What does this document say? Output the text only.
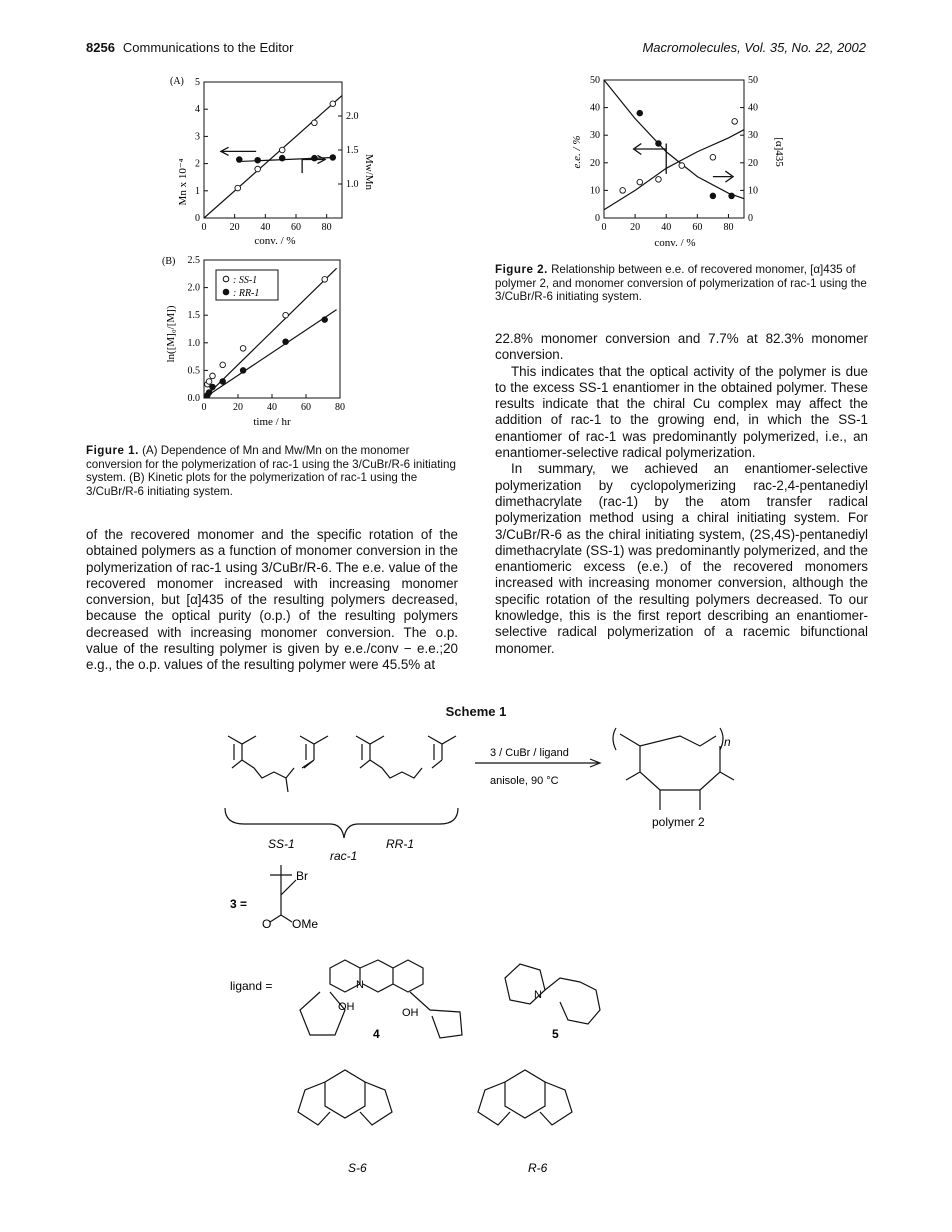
8256 Communications to the Editor	Macromolecules, Vol. 35, No. 22, 2002
0 20 40 60 80
0
1
2
3
4
5
1.0
1.5
2.0
(A)
conv. / %
Mn x 10⁻⁴	Mw/Mn
0	20 40 60 80
0.0
0.5
1.0
1.5
2.0
2.5
: SS-1
: RR-1
(B)
time / hr
ln([M]₀/[M])
Figure 1. (A) Dependence of Mn and Mw/Mn on the monomer conversion for the polymerization of rac-1 using the 3/CuBr/R-6 initiating system. (B) Kinetic plots for the polymerization of rac-1 using the 3/CuBr/R-6 initiating system.
0 20 40 60 80
0
10
20
30
40
50
0
10
20
30
40
50
conv. / %
e.e. / %	[α]435
Figure 2. Relationship between e.e. of recovered monomer, [α]435 of polymer 2, and monomer conversion of polymerization of rac-1 using the 3/CuBr/R-6 initiating system.

of the recovered monomer and the specific rotation of the obtained polymers as a function of monomer conversion in the polymerization of rac-1 using 3/CuBr/R-6. The e.e. value of the recovered monomer increased with increasing monomer conversion, but [α]435 of the resulting polymers decreased, because the optical purity (o.p.) of the resulting polymers decreased with increasing monomer conversion. The o.p. value of the resulting polymer is given by e.e./conv − e.e.;20 e.g., the o.p. values of the resulting polymer were 45.5% at

22.8% monomer conversion and 7.7% at 82.3% monomer conversion.

This indicates that the optical activity of the polymer is due to the excess SS-1 enantiomer in the obtained polymer. These results indicate that the chiral Cu complex may affect the addition of rac-1 to the growing end, in which the SS-1 enantiomer of rac-1 was predominantly polymerized, i.e., an enantiomer-selective radical polymerization.

In summary, we achieved an enantiomer-selective polymerization by cyclopolymerizing rac-2,4-pentanediyl dimethacrylate (rac-1) by the atom transfer radical polymerization method using a chiral initiating system. For 3/CuBr/R-6 as the chiral initiating system, (2S,4S)-pentanediyl dimethacrylate (SS-1) was predominantly polymerized, and the enantiomeric excess (e.e.) of the recovered monomers increased with increasing monomer conversion, although the specific rotation of the resulting polymers decreased. To our knowledge, this is the first report describing an enantiomer-selective radical polymerization of a racemic bifunctional monomer.

Scheme 1
3 / CuBr / ligand
anisole, 90 °C
SS-1	RR-1
rac-1
polymer 2
n
3 =
Br
OMe
O
ligand =
OH	OH
N
N
4	5
S-6	R-6
